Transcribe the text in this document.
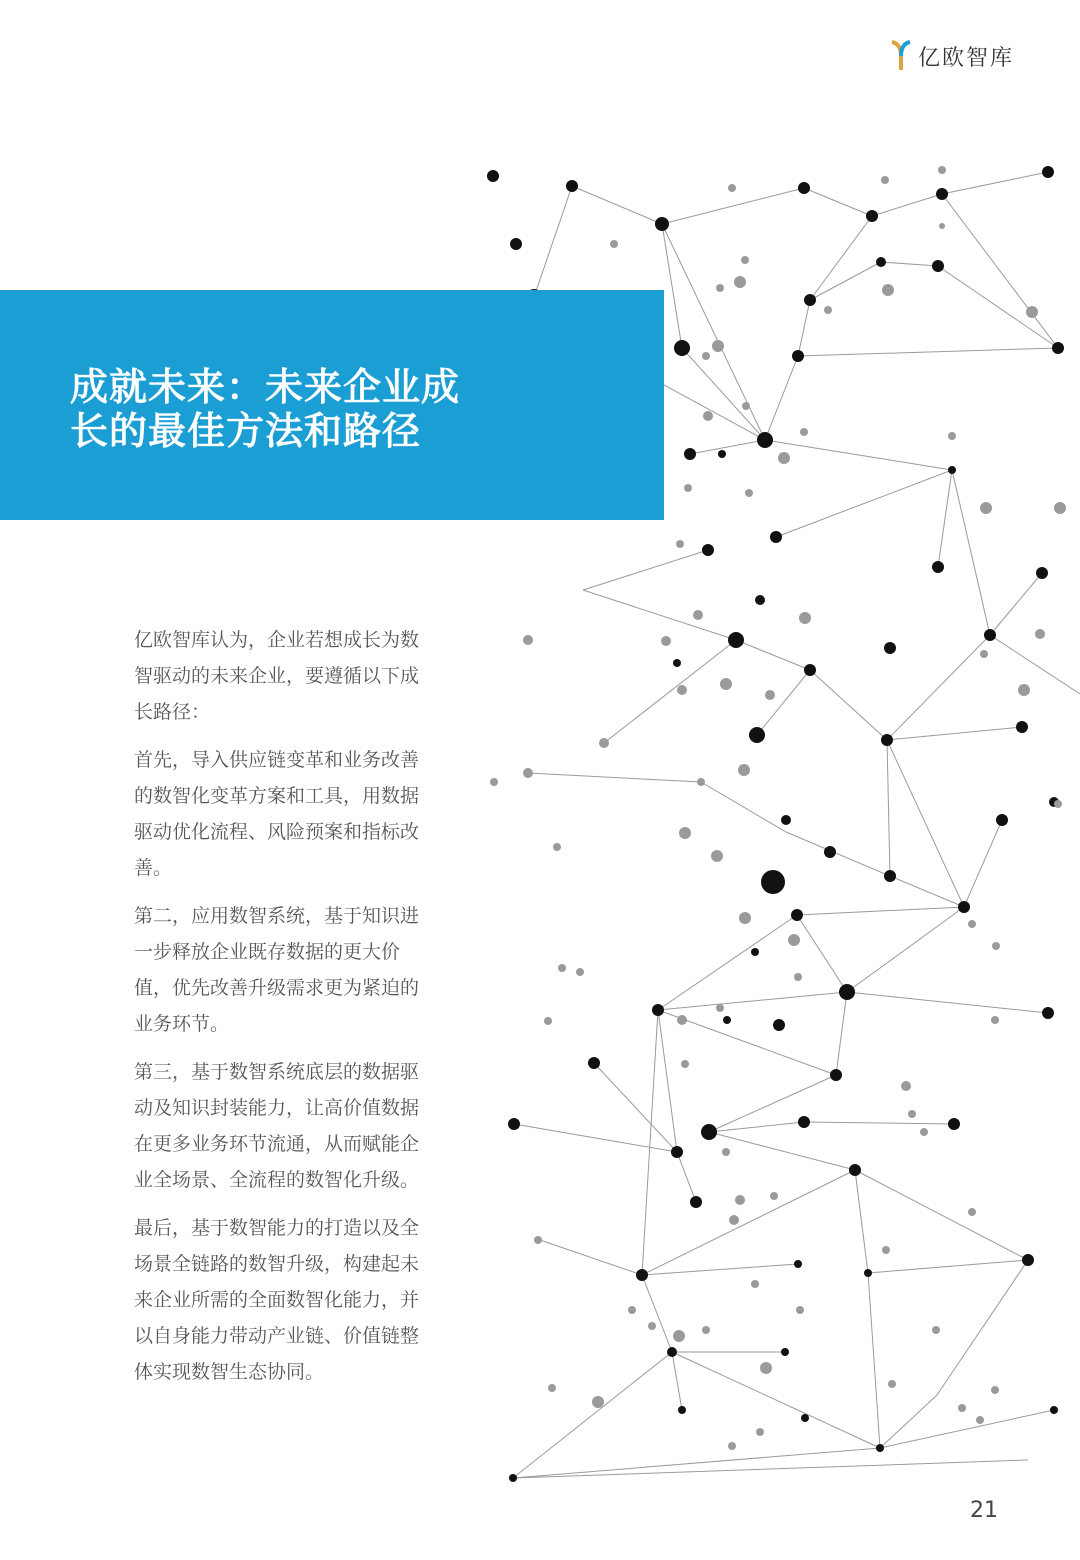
亿欧智库
成就未来：未来企业成
长的最佳方法和路径

亿欧智库认为，企业若想成长为数智驱动的未来企业，要遵循以下成长路径：

首先，导入供应链变革和业务改善的数智化变革方案和工具，用数据驱动优化流程、风险预案和指标改善。

第二，应用数智系统，基于知识进一步释放企业既存数据的更大价值，优先改善升级需求更为紧迫的业务环节。

第三，基于数智系统底层的数据驱动及知识封装能力，让高价值数据在更多业务环节流通，从而赋能企业全场景、全流程的数智化升级。

最后，基于数智能力的打造以及全场景全链路的数智升级，构建起未来企业所需的全面数智化能力，并以自身能力带动产业链、价值链整体实现数智生态协同。

21
